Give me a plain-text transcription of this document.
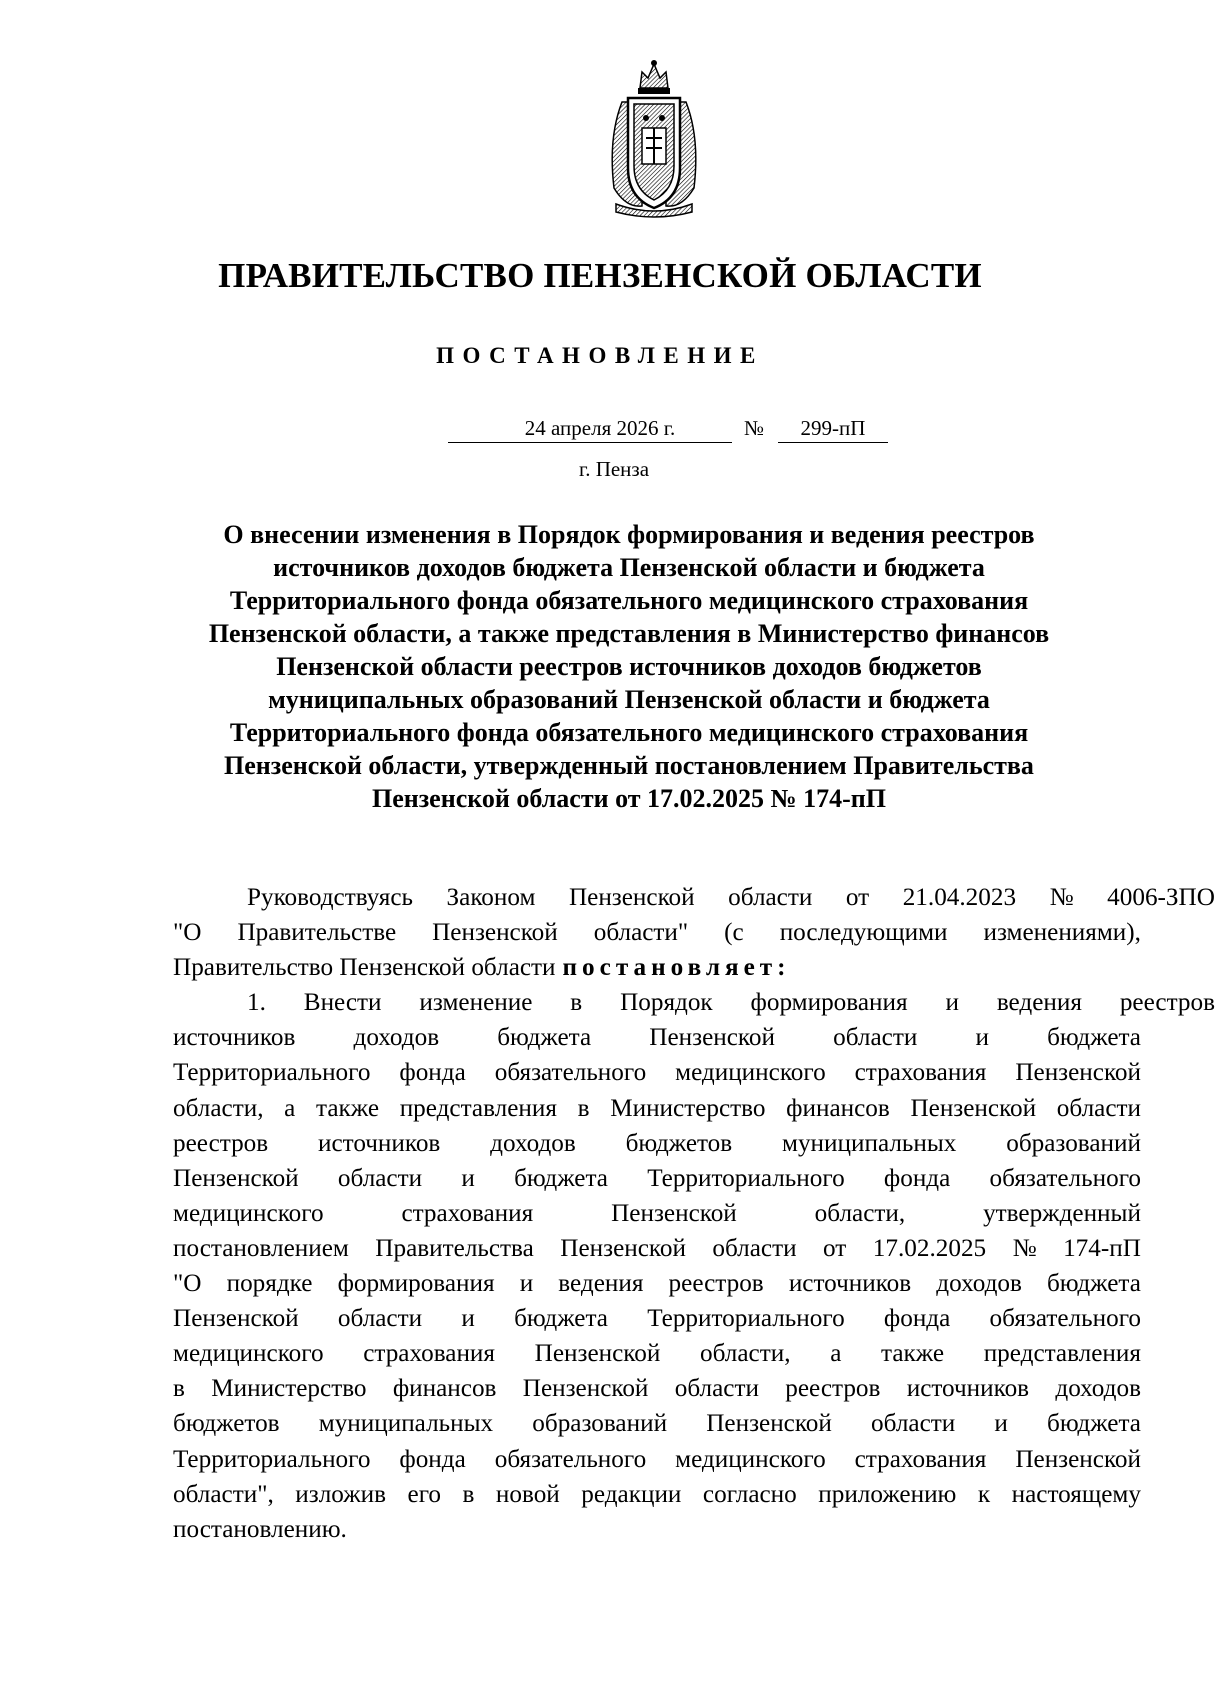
ПРАВИТЕЛЬСТВО ПЕНЗЕНСКОЙ ОБЛАСТИ
ПОСТАНОВЛЕНИЕ
24 апреля 2026 г.	№	299-пП
г. Пенза
О внесении изменения в Порядок формирования и ведения реестров
источников доходов бюджета Пензенской области и бюджета
Территориального фонда обязательного медицинского страхования
Пензенской области, а также представления в Министерство финансов
Пензенской области реестров источников доходов бюджетов
муниципальных образований Пензенской области и бюджета
Территориального фонда обязательного медицинского страхования
Пензенской области, утвержденный постановлением Правительства
Пензенской области от 17.02.2025 № 174-пП
Руководствуясь Законом Пензенской области от 21.04.2023 № 4006-ЗПО
"О Правительстве Пензенской области" (с последующими изменениями),
Правительство Пензенской области постановляет:
1. Внести изменение в Порядок формирования и ведения реестров
источников доходов бюджета Пензенской области и бюджета
Территориального фонда обязательного медицинского страхования Пензенской
области, а также представления в Министерство финансов Пензенской области
реестров источников доходов бюджетов муниципальных образований
Пензенской области и бюджета Территориального фонда обязательного
медицинского	страхования	Пензенской	области,	утвержденный
постановлением Правительства Пензенской области от 17.02.2025 № 174-пП
"О порядке формирования и ведения реестров источников доходов бюджета
Пензенской области и бюджета Территориального фонда обязательного
медицинского страхования Пензенской области, а также представления
в Министерство финансов Пензенской области реестров источников доходов
бюджетов муниципальных образований Пензенской области и бюджета
Территориального фонда обязательного медицинского страхования Пензенской
области", изложив его в новой редакции согласно приложению к настоящему
постановлению.
